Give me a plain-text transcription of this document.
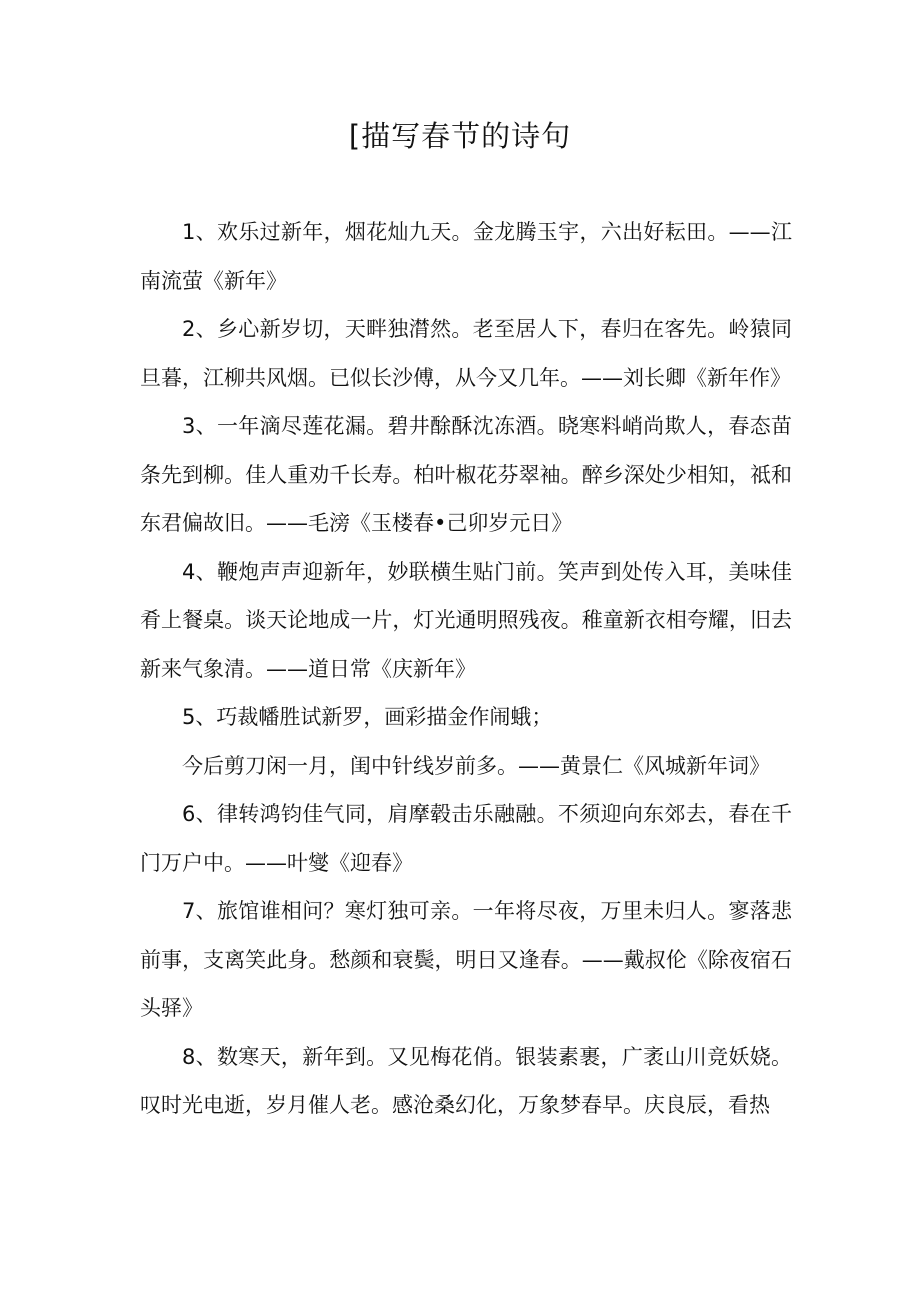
[描写春节的诗句

1、欢乐过新年，烟花灿九天。金龙腾玉宇，六出好耘田。——江南流萤《新年》

2、乡心新岁切，天畔独潸然。老至居人下，春归在客先。岭猿同旦暮，江柳共风烟。已似长沙傅，从今又几年。——刘长卿《新年作》

3、一年滴尽莲花漏。碧井酴酥沈冻酒。晓寒料峭尚欺人，春态苗条先到柳。佳人重劝千长寿。柏叶椒花芬翠袖。醉乡深处少相知，祗和东君偏故旧。——毛滂《玉楼春•己卯岁元日》

4、鞭炮声声迎新年，妙联横生贴门前。笑声到处传入耳，美味佳肴上餐桌。谈天论地成一片，灯光通明照残夜。稚童新衣相夸耀，旧去新来气象清。——道日常《庆新年》

5、巧裁幡胜试新罗，画彩描金作闹蛾；

今后剪刀闲一月，闺中针线岁前多。——黄景仁《风城新年词》

6、律转鸿钧佳气同，肩摩毂击乐融融。不须迎向东郊去，春在千门万户中。——叶燮《迎春》

7、旅馆谁相问？寒灯独可亲。一年将尽夜，万里未归人。寥落悲前事，支离笑此身。愁颜和衰鬓，明日又逢春。——戴叔伦《除夜宿石头驿》

8、数寒天，新年到。又见梅花俏。银装素裹，广袤山川竞妖娆。叹时光电逝，岁月催人老。感沧桑幻化，万象梦春早。庆良辰，看热
